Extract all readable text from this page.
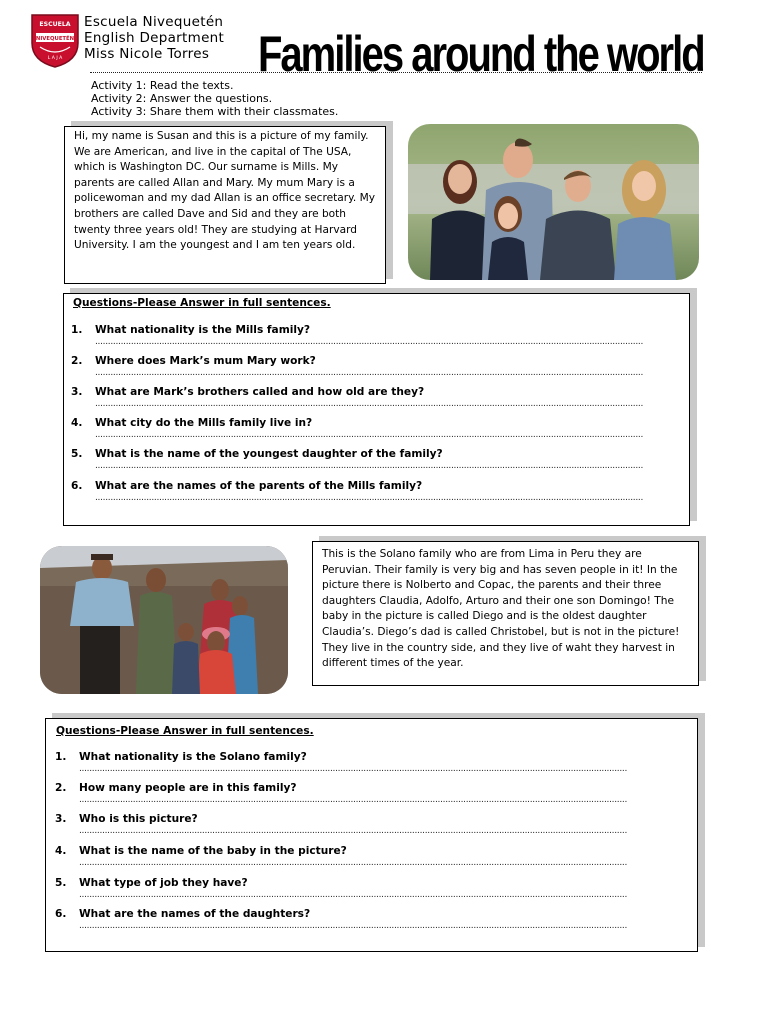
ESCUELA
NIVEQUETÉN
L A J A
Escuela Nivequetén
English Department
Miss Nicole Torres Families around the world
Activity 1: Read the texts.
Activity 2: Answer the questions.
Activity 3: Share them with their classmates.
Hi, my name is Susan and this is a picture of my family. We are American, and live in the capital of The USA, which is Washington DC. Our surname is Mills. My parents are called Allan and Mary. My mum Mary is a policewoman and my dad Allan is an office secretary. My brothers are called Dave and Sid and they are both twenty three years old! They are studying at Harvard University. I am the youngest and I am ten years old.
Questions-Please Answer in full sentences.
1. What nationality is the Mills family?
......................................................................................................................................................................................................................
2. Where does Mark’s mum Mary work?
......................................................................................................................................................................................................................
3. What are Mark’s brothers called and how old are they?
......................................................................................................................................................................................................................
4. What city do the Mills family live in?
......................................................................................................................................................................................................................
5. What is the name of the youngest daughter of the family?
......................................................................................................................................................................................................................
6. What are the names of the parents of the Mills family?
......................................................................................................................................................................................................................
This is the Solano family who are from Lima in Peru they are Peruvian. Their family is very big and has seven people in it! In the picture there is Nolberto and Copac, the parents and their three daughters Claudia, Adolfo, Arturo and their one son Domingo! The baby in the picture is called Diego and is the oldest daughter Claudia’s. Diego’s dad is called Christobel, but is not in the picture! They live in the country side, and they live of waht they harvest in different times of the year.
Questions-Please Answer in full sentences.
1. What nationality is the Solano family?
......................................................................................................................................................................................................................
2. How many people are in this family?
......................................................................................................................................................................................................................
3. Who is this picture?
......................................................................................................................................................................................................................
4. What is the name of the baby in the picture?
......................................................................................................................................................................................................................
5. What type of job they have?
......................................................................................................................................................................................................................
6. What are the names of the daughters?
......................................................................................................................................................................................................................
